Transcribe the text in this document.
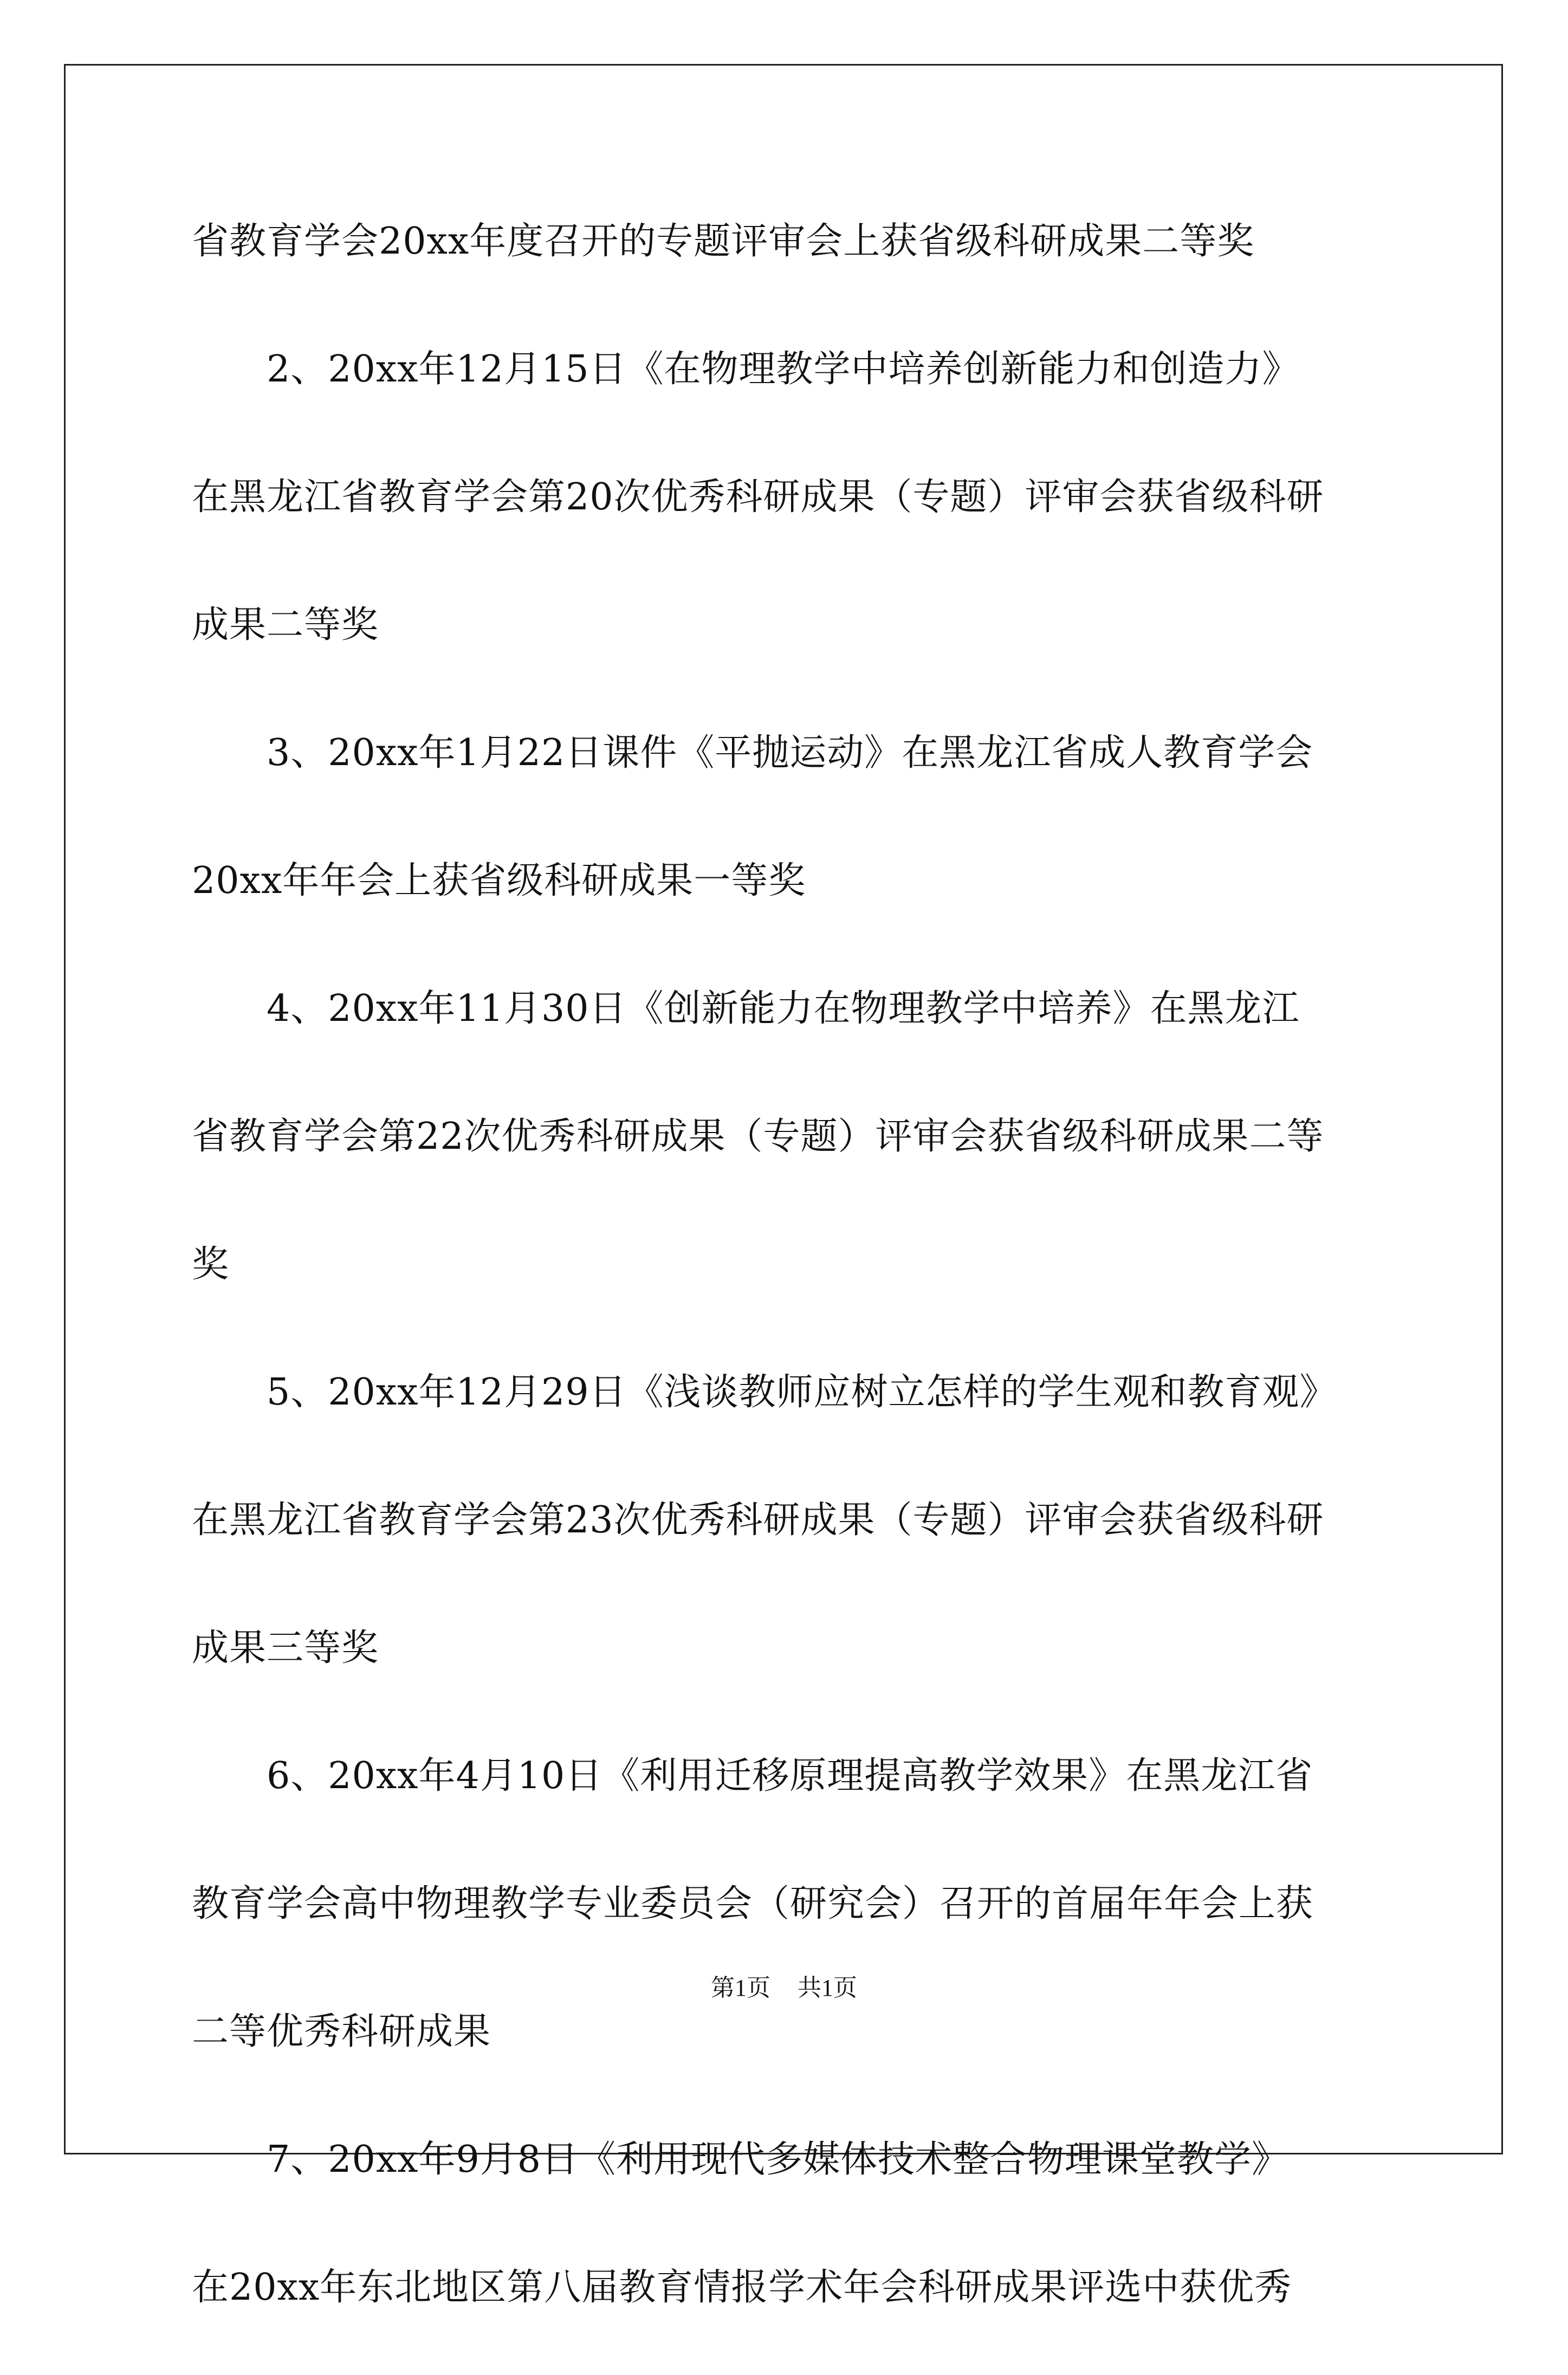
省教育学会20xx年度召开的专题评审会上获省级科研成果二等奖
2、20xx年12月15日《在物理教学中培养创新能力和创造力》
在黑龙江省教育学会第20次优秀科研成果（专题）评审会获省级科研
成果二等奖
3、20xx年1月22日课件《平抛运动》在黑龙江省成人教育学会
20xx年年会上获省级科研成果一等奖
4、20xx年11月30日《创新能力在物理教学中培养》在黑龙江
省教育学会第22次优秀科研成果（专题）评审会获省级科研成果二等
奖
5、20xx年12月29日《浅谈教师应树立怎样的学生观和教育观》
在黑龙江省教育学会第23次优秀科研成果（专题）评审会获省级科研
成果三等奖
6、20xx年4月10日《利用迁移原理提高教学效果》在黑龙江省
教育学会高中物理教学专业委员会（研究会）召开的首届年年会上获
二等优秀科研成果
7、20xx年9月8日《利用现代多媒体技术整合物理课堂教学》
在20xx年东北地区第八届教育情报学术年会科研成果评选中获优秀
第1页 共1页
